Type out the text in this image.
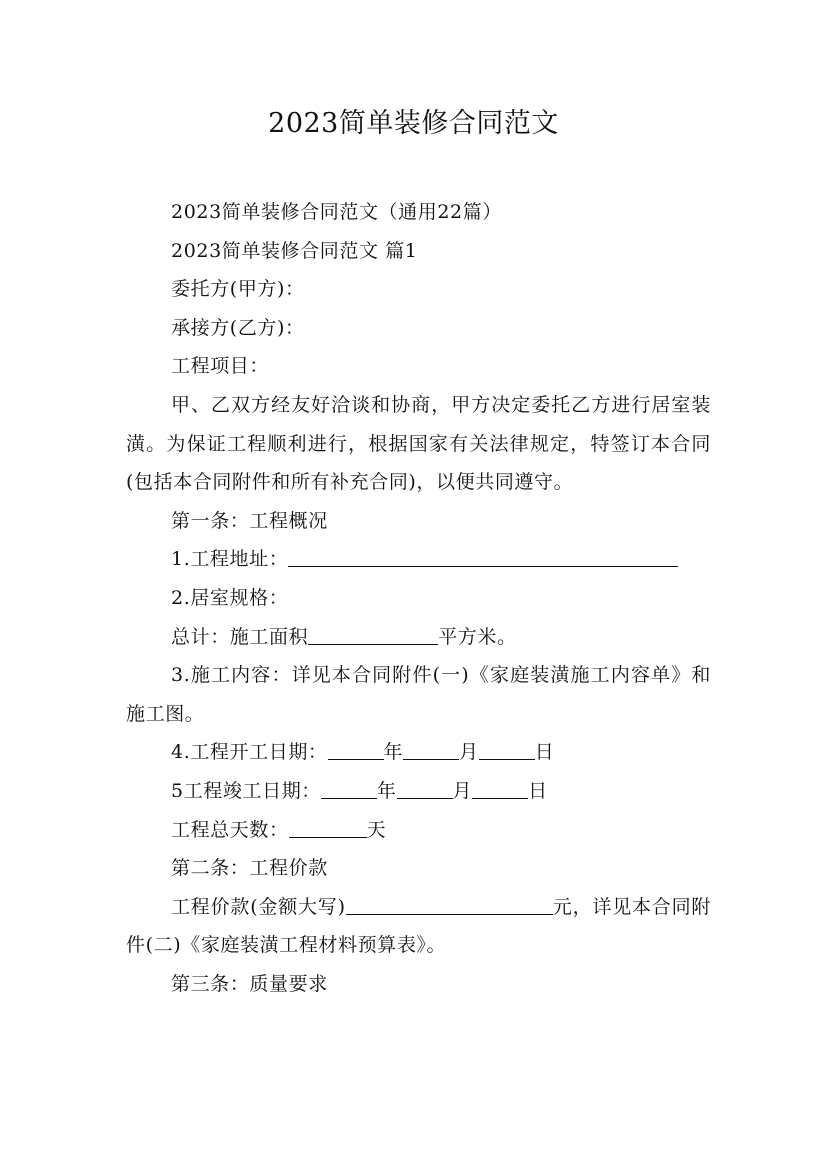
2023简单装修合同范文

2023简单装修合同范文（通用22篇）

2023简单装修合同范文 篇1

委托方(甲方)：

承接方(乙方)：

工程项目：

甲、乙双方经友好洽谈和协商，甲方决定委托乙方进行居室装潢。为保证工程顺利进行，根据国家有关法律规定，特签订本合同(包括本合同附件和所有补充合同)，以便共同遵守。

第一条：工程概况

1.工程地址：

2.居室规格：

总计：施工面积	平方米。

3.施工内容：详见本合同附件(一)《家庭装潢施工内容单》和施工图。

4.工程开工日期：	年	月	日

5工程竣工日期：	年	月	日

工程总天数：	天

第二条：工程价款

工程价款(金额大写)	元，详见本合同附件(二)《家庭装潢工程材料预算表》。

第三条：质量要求
